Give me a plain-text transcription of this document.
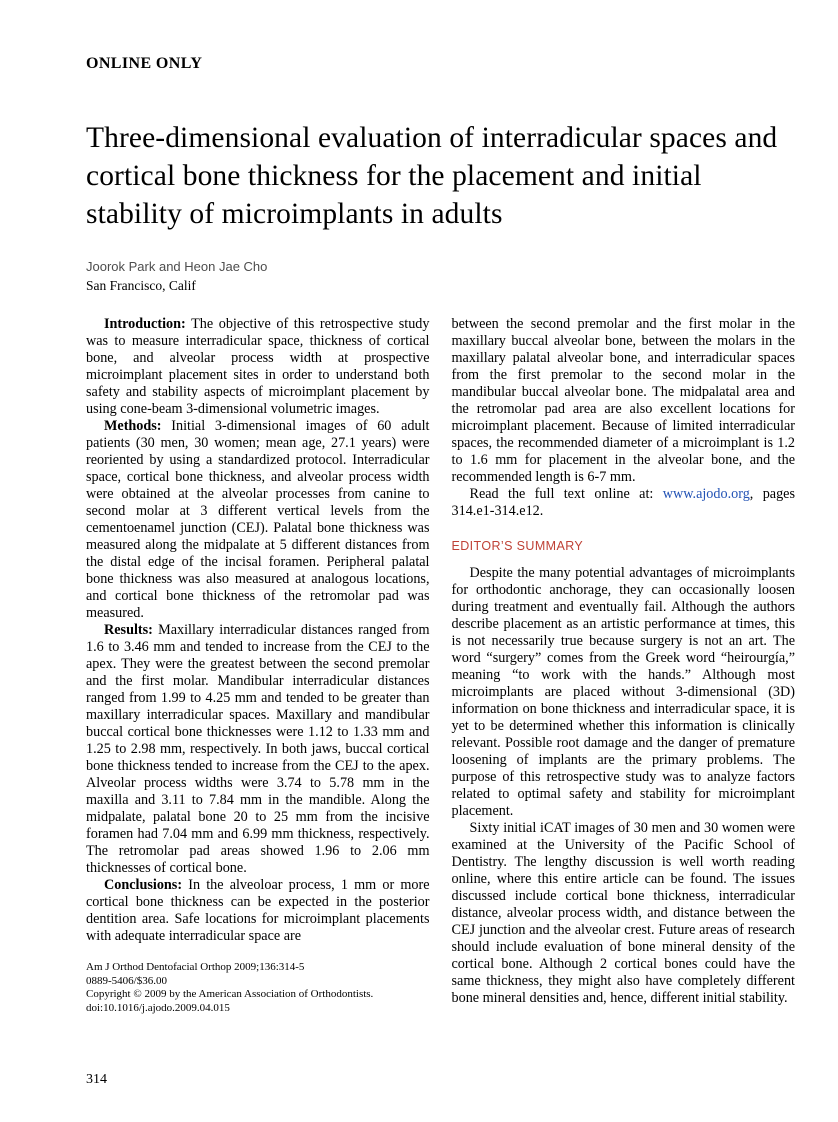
ONLINE ONLY
Three-dimensional evaluation of interradicular spaces and cortical bone thickness for the placement and initial stability of microimplants in adults
Joorok Park and Heon Jae Cho
San Francisco, Calif

Introduction: The objective of this retrospective study was to measure interradicular space, thickness of cortical bone, and alveolar process width at prospective microimplant placement sites in order to understand both safety and stability aspects of microimplant placement by using cone-beam 3-dimensional volumetric images.

Methods: Initial 3-dimensional images of 60 adult patients (30 men, 30 women; mean age, 27.1 years) were reoriented by using a standardized protocol. Interradicular space, cortical bone thickness, and alveolar process width were obtained at the alveolar processes from canine to second molar at 3 different vertical levels from the cementoenamel junction (CEJ). Palatal bone thickness was measured along the midpalate at 5 different distances from the distal edge of the incisal foramen. Peripheral palatal bone thickness was also measured at analogous locations, and cortical bone thickness of the retromolar pad was measured.

Results: Maxillary interradicular distances ranged from 1.6 to 3.46 mm and tended to increase from the CEJ to the apex. They were the greatest between the second premolar and the first molar. Mandibular interradicular distances ranged from 1.99 to 4.25 mm and tended to be greater than maxillary interradicular spaces. Maxillary and mandibular buccal cortical bone thicknesses were 1.12 to 1.33 mm and 1.25 to 2.98 mm, respectively. In both jaws, buccal cortical bone thickness tended to increase from the CEJ to the apex. Alveolar process widths were 3.74 to 5.78 mm in the maxilla and 3.11 to 7.84 mm in the mandible. Along the midpalate, palatal bone 20 to 25 mm from the incisive foramen had 7.04 mm and 6.99 mm thickness, respectively. The retromolar pad areas showed 1.96 to 2.06 mm thicknesses of cortical bone.

Conclusions: In the alveoloar process, 1 mm or more cortical bone thickness can be expected in the posterior dentition area. Safe locations for microimplant placements with adequate interradicular space are

Am J Orthod Dentofacial Orthop 2009;136:314-5
0889-5406/$36.00
Copyright © 2009 by the American Association of Orthodontists.
doi:10.1016/j.ajodo.2009.04.015

between the second premolar and the first molar in the maxillary buccal alveolar bone, between the molars in the maxillary palatal alveolar bone, and interradicular spaces from the first premolar to the second molar in the mandibular buccal alveolar bone. The midpalatal area and the retromolar pad area are also excellent locations for microimplant placement. Because of limited interradicular spaces, the recommended diameter of a microimplant is 1.2 to 1.6 mm for placement in the alveolar bone, and the recommended length is 6-7 mm.

Read the full text online at: www.ajodo.org, pages 314.e1-314.e12.

EDITOR’S SUMMARY

Despite the many potential advantages of microimplants for orthodontic anchorage, they can occasionally loosen during treatment and eventually fail. Although the authors describe placement as an artistic performance at times, this is not necessarily true because surgery is not an art. The word “surgery” comes from the Greek word “heirourgía,” meaning “to work with the hands.” Although most microimplants are placed without 3-dimensional (3D) information on bone thickness and interradicular space, it is yet to be determined whether this information is clinically relevant. Possible root damage and the danger of premature loosening of implants are the primary problems. The purpose of this retrospective study was to analyze factors related to optimal safety and stability for microimplant placement.

Sixty initial iCAT images of 30 men and 30 women were examined at the University of the Pacific School of Dentistry. The lengthy discussion is well worth reading online, where this entire article can be found. The issues discussed include cortical bone thickness, interradicular distance, alveolar process width, and distance between the CEJ junction and the alveolar crest. Future areas of research should include evaluation of bone mineral density of the cortical bone. Although 2 cortical bones could have the same thickness, they might also have completely different bone mineral densities and, hence, different initial stability.

314
